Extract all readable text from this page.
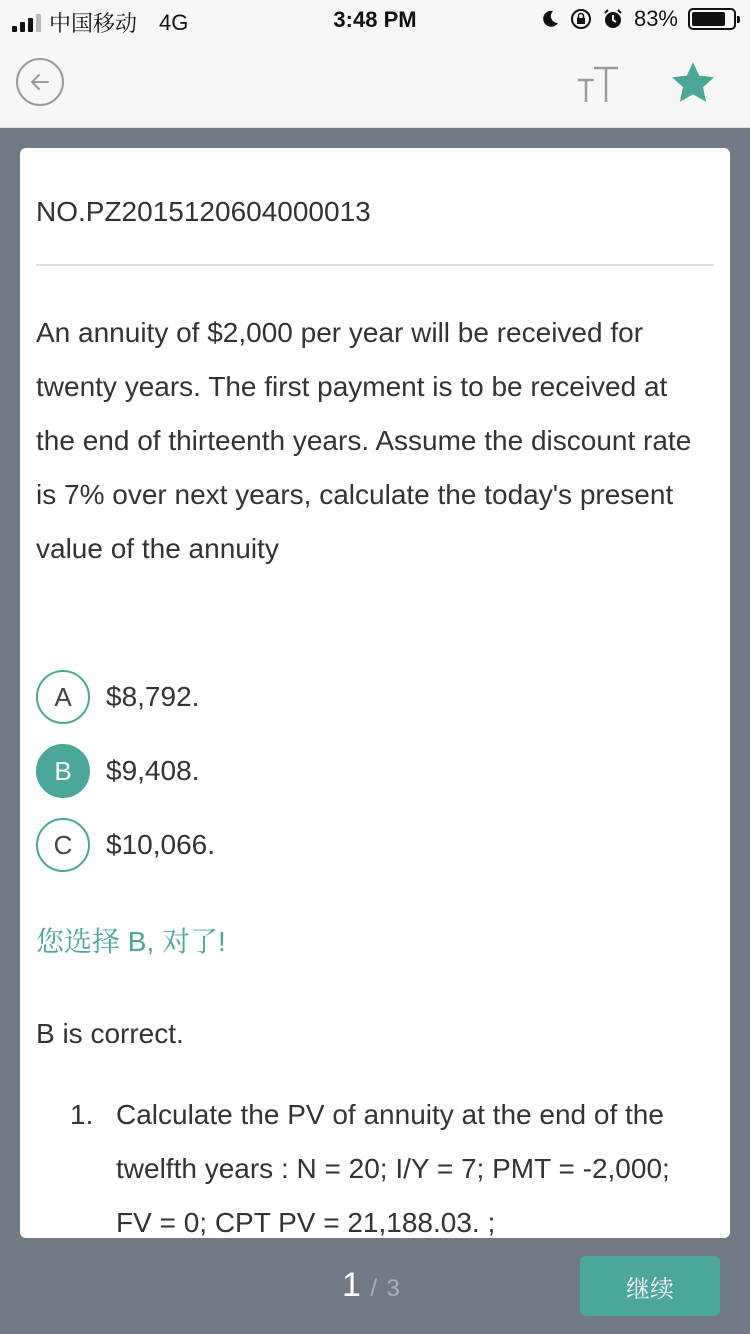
中国移动 4G	3:48 PM	83%
NO.PZ2015120604000013
An annuity of $2,000 per year will be received for twenty years. The first payment is to be received at the end of thirteenth years. Assume the discount rate is 7% over next years, calculate the today's present value of the annuity
A	$8,792.
B	$9,408.
C	$10,066.
您选择 B, 对了!
B is correct.
1. Calculate the PV of annuity at the end of the twelfth years : N = 20; I/Y = 7; PMT = -2,000; FV = 0; CPT PV = 21,188.03. ;
1 / 3	继续
